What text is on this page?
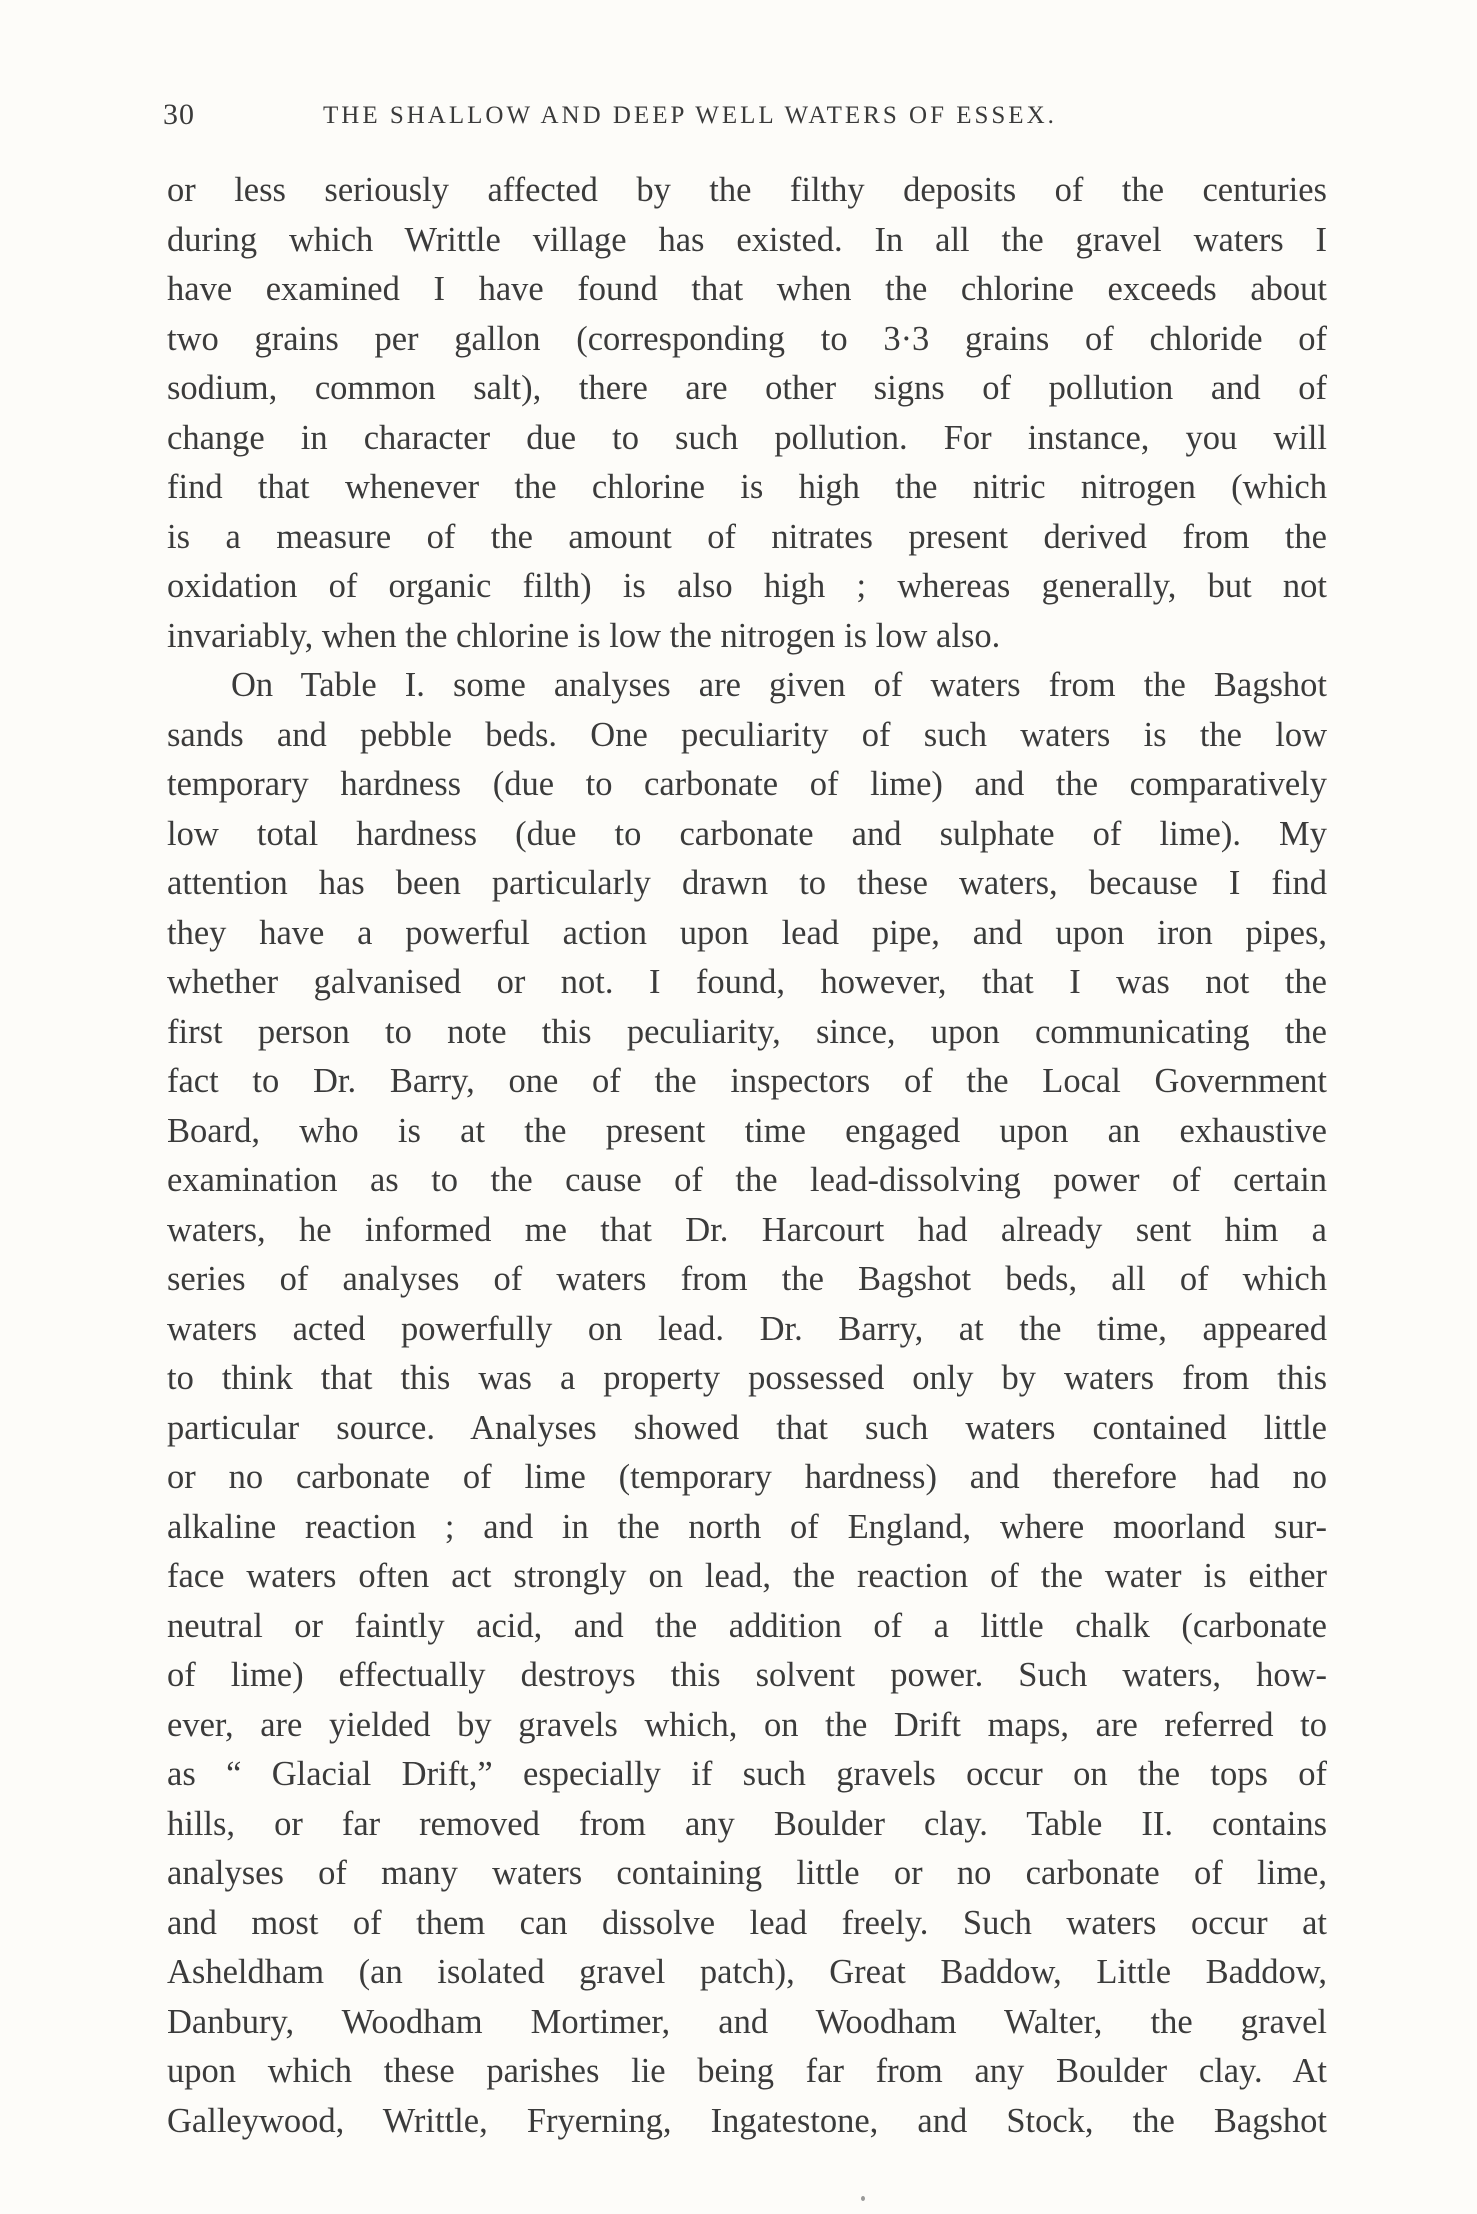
30	THE SHALLOW AND DEEP WELL WATERS OF ESSEX.
or less seriously affected by the filthy deposits of the centuries
during which Writtle village has existed. In all the gravel waters I
have examined I have found that when the chlorine exceeds about
two grains per gallon (corresponding to 3·3 grains of chloride of
sodium, common salt), there are other signs of pollution and of
change in character due to such pollution. For instance, you will
find that whenever the chlorine is high the nitric nitrogen (which
is a measure of the amount of nitrates present derived from the
oxidation of organic filth) is also high ; whereas generally, but not
invariably, when the chlorine is low the nitrogen is low also.
On Table I. some analyses are given of waters from the Bagshot
sands and pebble beds. One peculiarity of such waters is the low
temporary hardness (due to carbonate of lime) and the comparatively
low total hardness (due to carbonate and sulphate of lime). My
attention has been particularly drawn to these waters, because I find
they have a powerful action upon lead pipe, and upon iron pipes,
whether galvanised or not. I found, however, that I was not the
first person to note this peculiarity, since, upon communicating the
fact to Dr. Barry, one of the inspectors of the Local Government
Board, who is at the present time engaged upon an exhaustive
examination as to the cause of the lead-dissolving power of certain
waters, he informed me that Dr. Harcourt had already sent him a
series of analyses of waters from the Bagshot beds, all of which
waters acted powerfully on lead. Dr. Barry, at the time, appeared
to think that this was a property possessed only by waters from this
particular source. Analyses showed that such waters contained little
or no carbonate of lime (temporary hardness) and therefore had no
alkaline reaction ; and in the north of England, where moorland sur-
face waters often act strongly on lead, the reaction of the water is either
neutral or faintly acid, and the addition of a little chalk (carbonate
of lime) effectually destroys this solvent power. Such waters, how-
ever, are yielded by gravels which, on the Drift maps, are referred to
as “ Glacial Drift,” especially if such gravels occur on the tops of
hills, or far removed from any Boulder clay. Table II. contains
analyses of many waters containing little or no carbonate of lime,
and most of them can dissolve lead freely. Such waters occur at
Asheldham (an isolated gravel patch), Great Baddow, Little Baddow,
Danbury, Woodham Mortimer, and Woodham Walter, the gravel
upon which these parishes lie being far from any Boulder clay. At
Galleywood, Writtle, Fryerning, Ingatestone, and Stock, the Bagshot
